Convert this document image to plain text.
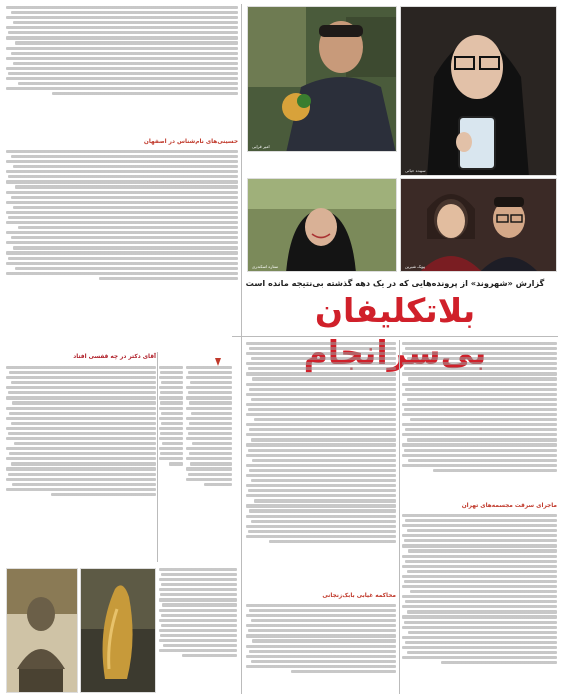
امیر قرایی
سپیده حیاتی
ستاره اسکندری	پوپک شیرین
گزارش «شهروند» از پرونده‌هایی که در یک دهه گذشته بی‌نتیجه مانده است
بلاتکلیفان
حسینی‌های نام‌شناس در اصفهان
آقای دکتر در چه قفسی افتاد
ماجرای سرقت مجسمه‌های تهران
محاکمه غیابی بابک‌زنجانی
